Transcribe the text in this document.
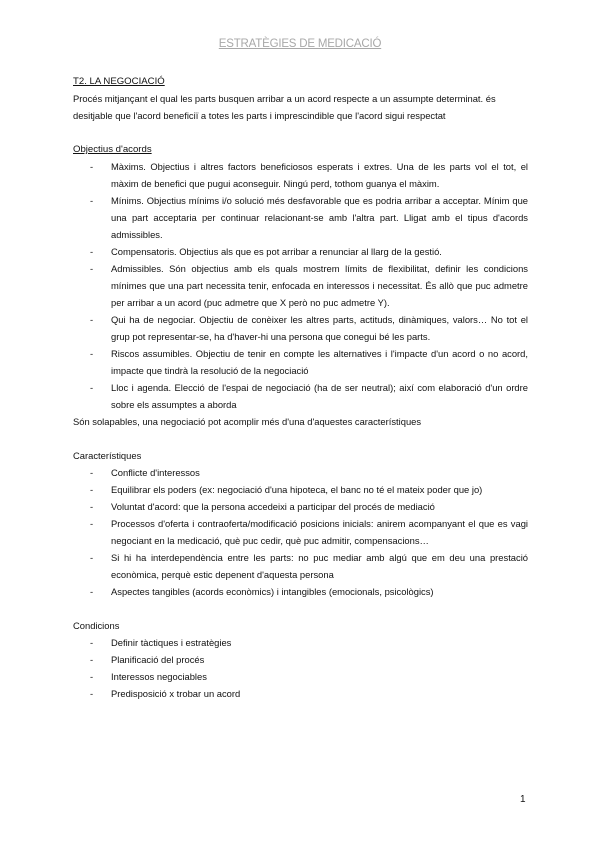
ESTRATÈGIES DE MEDICACIÓ
T2. LA NEGOCIACIÓ

Procés mitjançant el qual les parts busquen arribar a un acord respecte a un assumpte determinat. és desitjable que l'acord beneficiï a totes les parts i imprescindible que l'acord sigui respectat

Objectius d'acords
- Màxims. Objectius i altres factors beneficiosos esperats i extres. Una de les parts vol el tot, el màxim de benefici que pugui aconseguir. Ningú perd, tothom guanya el màxim.
- Mínims. Objectius mínims i/o solució més desfavorable que es podria arribar a acceptar. Mínim que una part acceptaria per continuar relacionant-se amb l'altra part. Lligat amb el tipus d'acords admissibles.
- Compensatoris. Objectius als que es pot arribar a renunciar al llarg de la gestió.
- Admissibles. Són objectius amb els quals mostrem límits de flexibilitat, definir les condicions mínimes que una part necessita tenir, enfocada en interessos i necessitat. És allò que puc admetre per arribar a un acord (puc admetre que X però no puc admetre Y).
- Qui ha de negociar. Objectiu de conèixer les altres parts, actituds, dinàmiques, valors… No tot el grup pot representar-se, ha d'haver-hi una persona que conegui bé les parts.
- Riscos assumibles. Objectiu de tenir en compte les alternatives i l'impacte d'un acord o no acord, impacte que tindrà la resolució de la negociació
- Lloc i agenda. Elecció de l'espai de negociació (ha de ser neutral); així com elaboració d'un ordre sobre els assumptes a aborda

Són solapables, una negociació pot acomplir més d'una d'aquestes característiques

Característiques
- Conflicte d'interessos
- Equilibrar els poders (ex: negociació d'una hipoteca, el banc no té el mateix poder que jo)
- Voluntat d'acord: que la persona accedeixi a participar del procés de mediació
- Processos d'oferta i contraoferta/modificació posicions inicials: anirem acompanyant el que es vagi negociant en la medicació, què puc cedir, què puc admitir, compensacions…
- Si hi ha interdependència entre les parts: no puc mediar amb algú que em deu una prestació econòmica, perquè estic depenent d'aquesta persona
- Aspectes tangibles (acords econòmics) i intangibles (emocionals, psicològics)
Condicions
- Definir tàctiques i estratègies
- Planificació del procés
- Interessos negociables
- Predisposició x trobar un acord
1
